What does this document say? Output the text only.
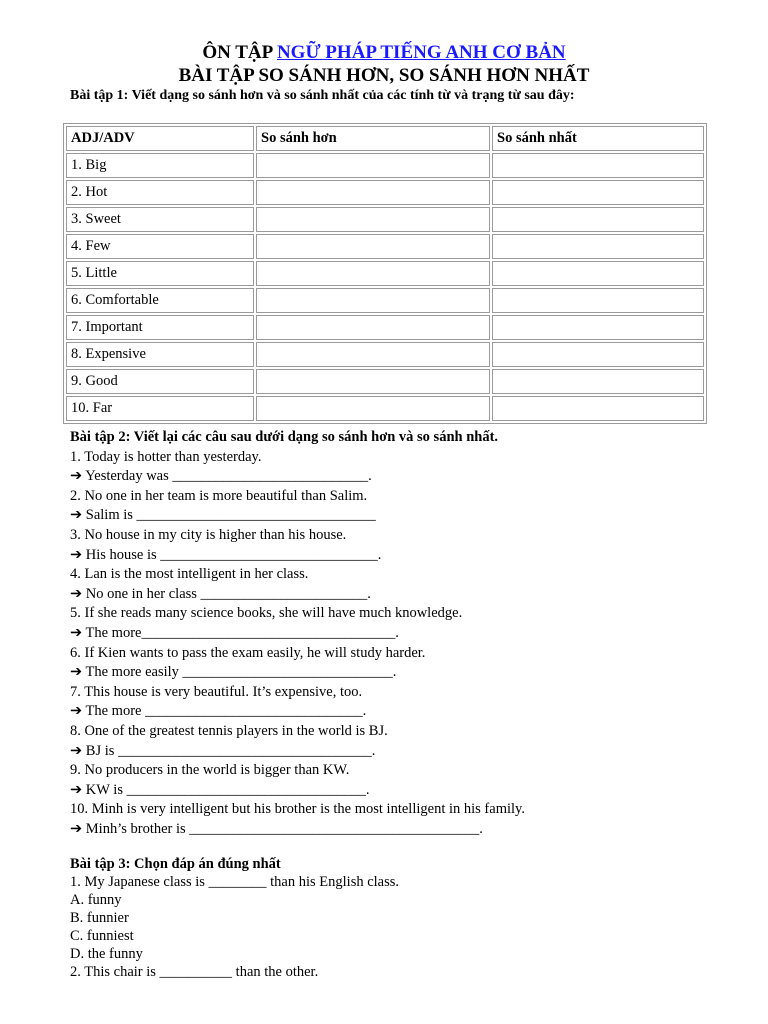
ÔN TẬP NGỮ PHÁP TIẾNG ANH CƠ BẢN
BÀI TẬP SO SÁNH HƠN, SO SÁNH HƠN NHẤT
Bài tập 1: Viết dạng so sánh hơn và so sánh nhất của các tính từ và trạng từ sau đây:
ADJ/ADV	So sánh hơn	So sánh nhất
1. Big		
2. Hot		
3. Sweet		
4. Few		
5. Little		
6. Comfortable		
7. Important		
8. Expensive		
9. Good		
10. Far		

Bài tập 2: Viết lại các câu sau dưới dạng so sánh hơn và so sánh nhất.

1. Today is hotter than yesterday.

➔ Yesterday was ___________________________.

2. No one in her team is more beautiful than Salim.

➔ Salim is _________________________________

3. No house in my city is higher than his house.

➔ His house is ______________________________.

4. Lan is the most intelligent in her class.

➔ No one in her class _______________________.

5. If she reads many science books, she will have much knowledge.

➔ The more___________________________________.

6. If Kien wants to pass the exam easily, he will study harder.

➔ The more easily _____________________________.

7. This house is very beautiful. It’s expensive, too.

➔ The more ______________________________.

8. One of the greatest tennis players in the world is BJ.

➔ BJ is ___________________________________.

9. No producers in the world is bigger than KW.

➔ KW is _________________________________.

10. Minh is very intelligent but his brother is the most intelligent in his family.

➔ Minh’s brother is ________________________________________.

Bài tập 3: Chọn đáp án đúng nhất

1. My Japanese class is ________ than his English class.

A. funny

B. funnier

C. funniest

D. the funny

2. This chair is __________ than the other.
